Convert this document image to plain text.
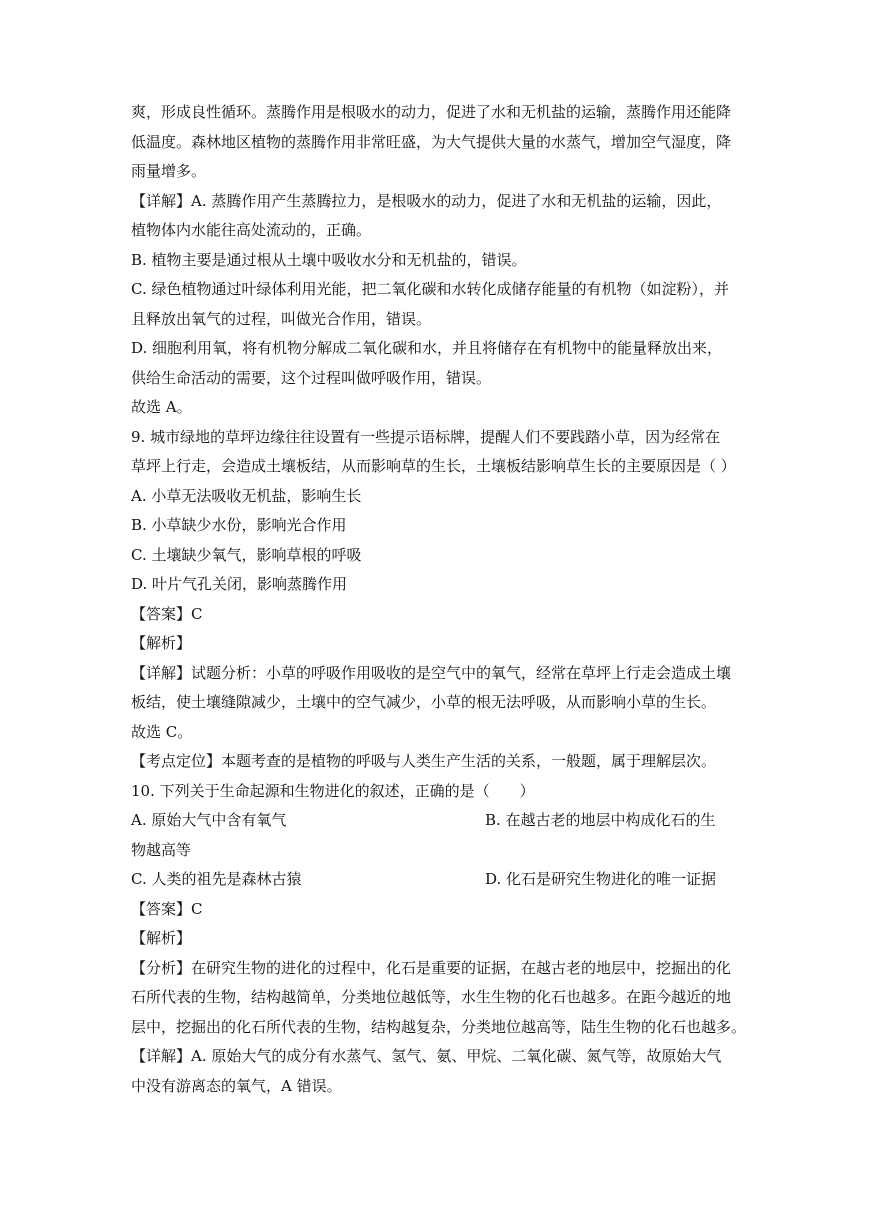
爽，形成良性循环。蒸腾作用是根吸水的动力，促进了水和无机盐的运输，蒸腾作用还能降
低温度。森林地区植物的蒸腾作用非常旺盛，为大气提供大量的水蒸气，增加空气湿度，降
雨量增多。
【详解】A. 蒸腾作用产生蒸腾拉力，是根吸水的动力，促进了水和无机盐的运输，因此，
植物体内水能往高处流动的，正确。
B. 植物主要是通过根从土壤中吸收水分和无机盐的，错误。
C. 绿色植物通过叶绿体利用光能，把二氧化碳和水转化成储存能量的有机物（如淀粉），并
且释放出氧气的过程，叫做光合作用，错误。
D. 细胞利用氧，将有机物分解成二氧化碳和水，并且将储存在有机物中的能量释放出来，
供给生命活动的需要，这个过程叫做呼吸作用，错误。
故选 A。
9. 城市绿地的草坪边缘往往设置有一些提示语标牌，提醒人们不要践踏小草，因为经常在
草坪上行走，会造成土壤板结，从而影响草的生长，土壤板结影响草生长的主要原因是（ ）
A. 小草无法吸收无机盐，影响生长
B. 小草缺少水份，影响光合作用
C. 土壤缺少氧气，影响草根的呼吸
D. 叶片气孔关闭，影响蒸腾作用
【答案】C
【解析】
【详解】试题分析：小草的呼吸作用吸收的是空气中的氧气，经常在草坪上行走会造成土壤
板结，使土壤缝隙减少，土壤中的空气减少，小草的根无法呼吸，从而影响小草的生长。
故选 C。
【考点定位】本题考查的是植物的呼吸与人类生产生活的关系，一般题，属于理解层次。
10. 下列关于生命起源和生物进化的叙述，正确的是（　　）
A. 原始大气中含有氧气	B. 在越古老的地层中构成化石的生
物越高等
C. 人类的祖先是森林古猿	D. 化石是研究生物进化的唯一证据
【答案】C
【解析】
【分析】在研究生物的进化的过程中，化石是重要的证据，在越古老的地层中，挖掘出的化
石所代表的生物，结构越简单，分类地位越低等，水生生物的化石也越多。在距今越近的地
层中，挖掘出的化石所代表的生物，结构越复杂，分类地位越高等，陆生生物的化石也越多。
【详解】A. 原始大气的成分有水蒸气、氢气、氨、甲烷、二氧化碳、氮气等，故原始大气
中没有游离态的氧气，A 错误。
